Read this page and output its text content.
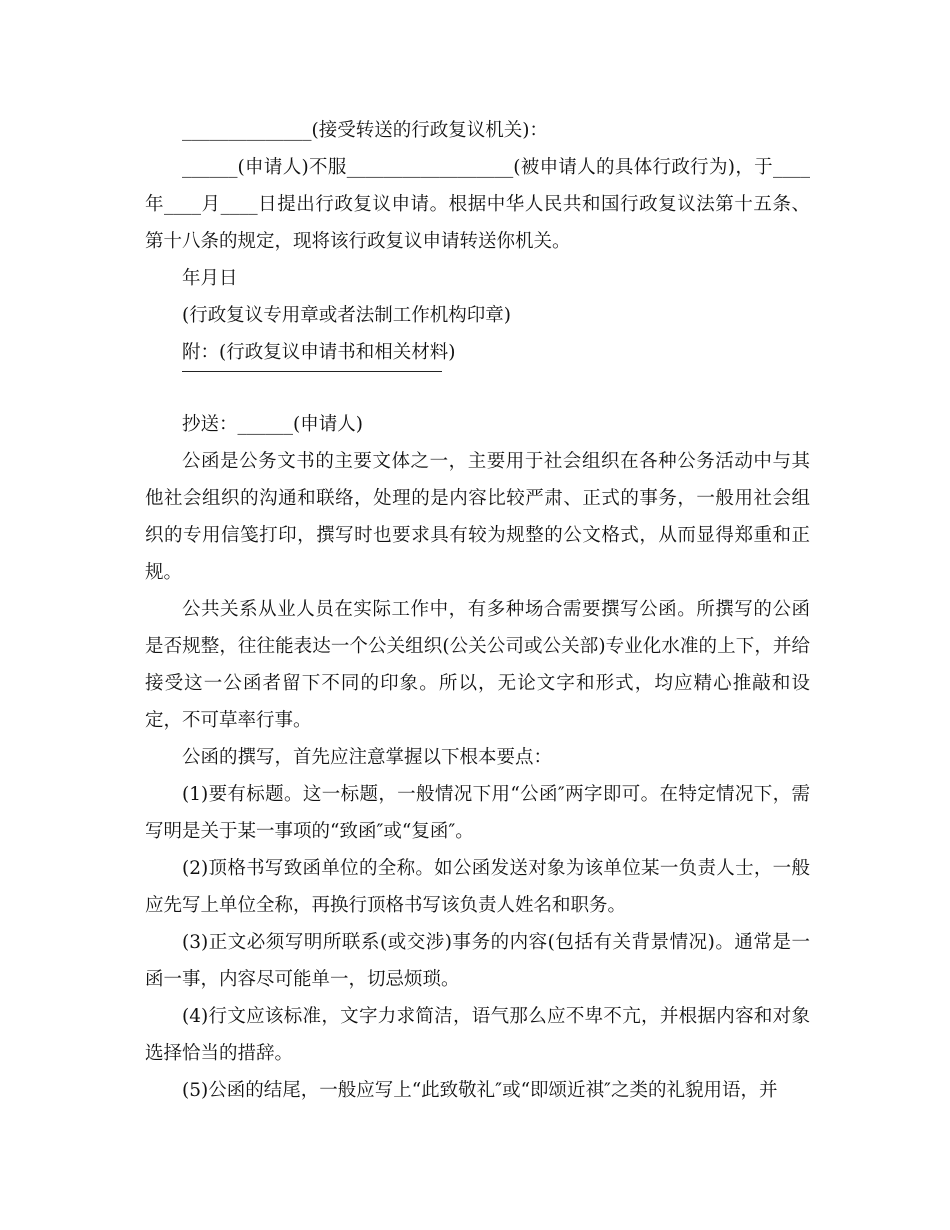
______________(接受转送的行政复议机关)：

______(申请人)不服__________________(被申请人的具体行政行为)，于____年____月____日提出行政复议申请。根据中华人民共和国行政复议法第十五条、第十八条的规定，现将该行政复议申请转送你机关。

年月日

(行政复议专用章或者法制工作机构印章)

附：(行政复议申请书和相关材料)

抄送：______(申请人)

公函是公务文书的主要文体之一，主要用于社会组织在各种公务活动中与其他社会组织的沟通和联络，处理的是内容比较严肃、正式的事务，一般用社会组织的专用信笺打印，撰写时也要求具有较为规整的公文格式，从而显得郑重和正规。

公共关系从业人员在实际工作中，有多种场合需要撰写公函。所撰写的公函是否规整，往往能表达一个公关组织(公关公司或公关部)专业化水准的上下，并给接受这一公函者留下不同的印象。所以，无论文字和形式，均应精心推敲和设定，不可草率行事。

公函的撰写，首先应注意掌握以下根本要点：

(1)要有标题。这一标题，一般情况下用“公函″两字即可。在特定情况下，需写明是关于某一事项的“致函″或“复函″。

(2)顶格书写致函单位的全称。如公函发送对象为该单位某一负责人士，一般应先写上单位全称，再换行顶格书写该负责人姓名和职务。

(3)正文必须写明所联系(或交涉)事务的内容(包括有关背景情况)。通常是一函一事，内容尽可能单一，切忌烦琐。

(4)行文应该标准，文字力求简洁，语气那么应不卑不亢，并根据内容和对象选择恰当的措辞。

(5)公函的结尾，一般应写上“此致敬礼″或“即颂近祺″之类的礼貌用语，并
